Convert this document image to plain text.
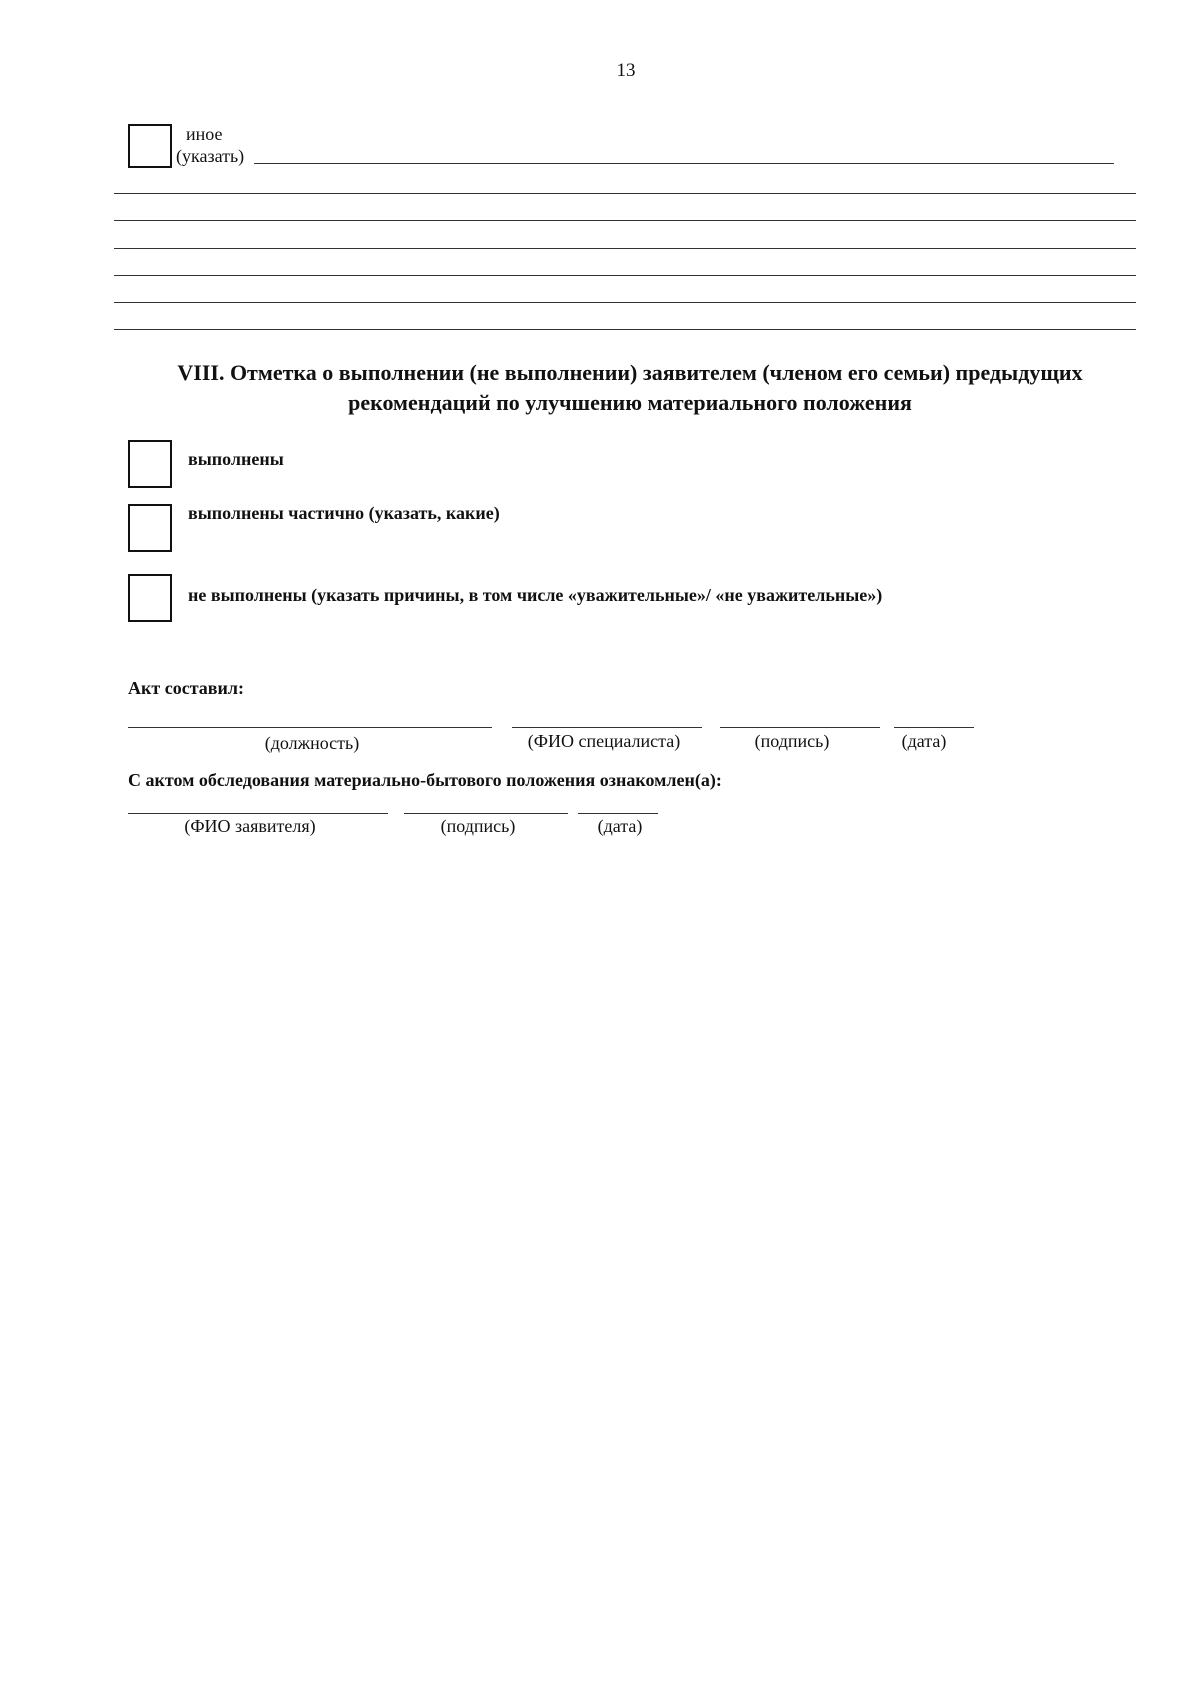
13
иное
(указать)
VIII. Отметка о выполнении (не выполнении) заявителем (членом его семьи) предыдущих рекомендаций по улучшению материального положения
выполнены
выполнены частично (указать, какие)
не выполнены (указать причины, в том числе «уважительные»/ «не уважительные»)
Акт составил:
(должность)	(ФИО специалиста)	(подпись)	(дата)
С актом обследования материально-бытового положения ознакомлен(а):
(ФИО заявителя)	(подпись)	(дата)
